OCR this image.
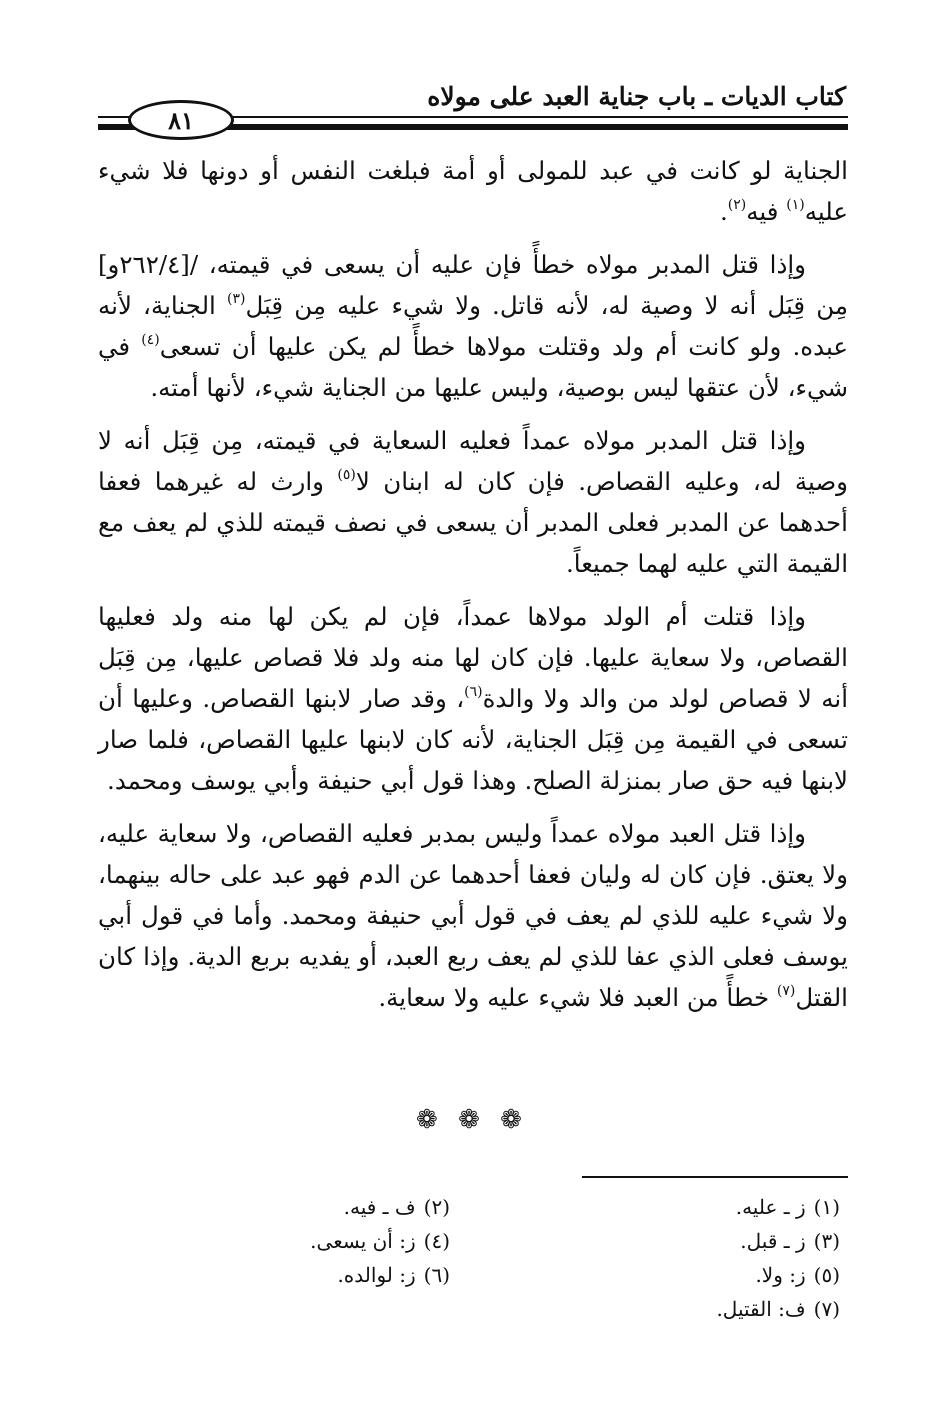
كتاب الديات ـ باب جناية العبد على مولاه
٨١

الجناية لو كانت في عبد للمولى أو أمة فبلغت النفس أو دونها فلا شيء عليه$^{(١)}$ فيه$^{(٢)}$.

وإذا قتل المدبر مولاه خطأً فإن عليه أن يسعى في قيمته، /[٢٦٢/٤و] مِن قِبَل أنه لا وصية له، لأنه قاتل. ولا شيء عليه مِن قِبَل$^{(٣)}$ الجناية، لأنه عبده. ولو كانت أم ولد وقتلت مولاها خطأً لم يكن عليها أن تسعى$^{(٤)}$ في شيء، لأن عتقها ليس بوصية، وليس عليها من الجناية شيء، لأنها أمته.

وإذا قتل المدبر مولاه عمداً فعليه السعاية في قيمته، مِن قِبَل أنه لا وصية له، وعليه القصاص. فإن كان له ابنان لا$^{(٥)}$ وارث له غيرهما فعفا أحدهما عن المدبر فعلى المدبر أن يسعى في نصف قيمته للذي لم يعف مع القيمة التي عليه لهما جميعاً.

وإذا قتلت أم الولد مولاها عمداً، فإن لم يكن لها منه ولد فعليها القصاص، ولا سعاية عليها. فإن كان لها منه ولد فلا قصاص عليها، مِن قِبَل أنه لا قصاص لولد من والد ولا والدة$^{(٦)}$، وقد صار لابنها القصاص. وعليها أن تسعى في القيمة مِن قِبَل الجناية، لأنه كان لابنها عليها القصاص، فلما صار لابنها فيه حق صار بمنزلة الصلح. وهذا قول أبي حنيفة وأبي يوسف ومحمد.

وإذا قتل العبد مولاه عمداً وليس بمدبر فعليه القصاص، ولا سعاية عليه، ولا يعتق. فإن كان له وليان فعفا أحدهما عن الدم فهو عبد على حاله بينهما، ولا شيء عليه للذي لم يعف في قول أبي حنيفة ومحمد. وأما في قول أبي يوسف فعلى الذي عفا للذي لم يعف ربع العبد، أو يفديه بربع الدية. وإذا كان القتل$^{(٧)}$ خطأً من العبد فلا شيء عليه ولا سعاية.

❁ ❁ ❁
(١)ز ـ عليه.
(٢)ف ـ فيه.
(٣)ز ـ قبل.
(٤)ز: أن يسعى.
(٥)ز: ولا.
(٦)ز: لوالده.
(٧)ف: القتيل.
